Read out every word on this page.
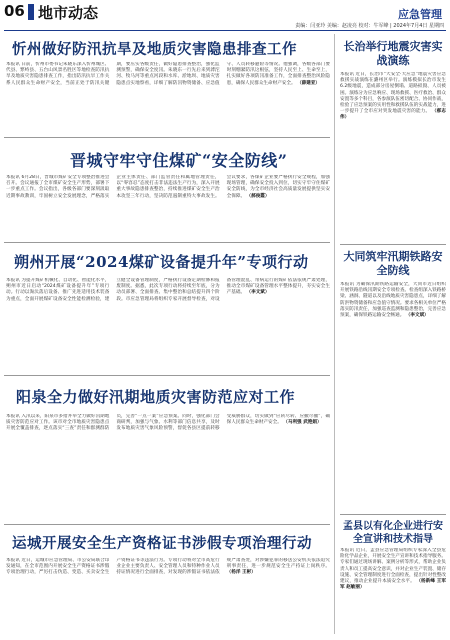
06 地市动态	应急管理
责编：闫亚玲 美编：赵凌亮 校对：牛军峰 | 2024年7月4日 星期四
忻州做好防汛抗旱及地质灾害隐患排查工作
本报讯 日前，忻州市委书记朱晓东深入忻州城区、代县、繁峙县、五台山风景名胜区等地检查防汛抗旱及地质灾害隐患排查工作，指出防汛抗旱工作关系人民群众生命财产安全，当前正处于防汛关键期，要压实各级责任，做好隐患排查整治，强化监测预警，确保安全度汛。朱晓东一行先后来到滹沱河、牧马河等重点河段和水库、淤地坝、地质灾害隐患点实地察看，详细了解防汛物资储备、应急值守、人员转移避险等情况。他强调，各级各部门要时刻绷紧防汛这根弦，坚持人民至上、生命至上，扎实做好各项防汛准备工作，全面排查整治风险隐患，确保人民群众生命财产安全。 （薛建亚）
晋城守牢守住煤矿“安全防线”
本报讯 6月28日，晋城市煤矿安全专项整治推进会召开。会议通报了全市煤矿安全生产形势，部署下一步重点工作。会议指出，各级各部门要深刻汲取近期事故教训，牢固树立安全发展理念，严格落实企业主体责任、部门监管责任和属地管理责任，以“零容忍”态度打击非法违法生产行为，深入开展重大事故隐患排查整治，持续推进煤矿安全生产治本攻坚三年行动，坚决防范遏制重特大事故发生。会议要求，各煤矿企业要严格执行安全规程，加强现场管理，确保安全投入到位，切实守牢守住煤矿安全防线，为全市经济社会高质量发展提供坚实安全保障。 （郝俊霞）
朔州开展“2024煤矿设备提升年”专项行动
本报讯 为提升煤矿机械化、自动化、智能化水平，朔州市近日启动“2024煤矿设备提升年”专项行动。行动以淘汰落后设备、推广先进适用技术装备为重点，全面开展煤矿设备安全性能检测检验，建立健全设备管理制度，严格执行设备定期检修和报废制度。据悉，此次专项行动将持续至年底，分为动员部署、全面排查、集中整治和总结提升四个阶段。市应急管理局将组织专家开展督导检查，对设备管理混乱、带病运行的煤矿依法依规严肃处理，推动全市煤矿设备管理水平整体提升，夯实安全生产基础。 （李文斌）
阳泉全力做好汛期地质灾害防范应对工作
本报讯 入汛以来，阳泉市多措并举全力做好汛期地质灾害防范应对工作。该市对全市地质灾害隐患点开展全覆盖排查，逐点落实“三查”责任和群测群防员，完善“一点一案”应急预案。同时，强化部门会商研判，加强与气象、水利等部门信息共享，及时发布地质灾害气象风险预警，督促各县区提前转移受威胁群众，切实做到“应转尽转、应撤尽撤”，确保人民群众生命财产安全。 （马利强 武艳娟）
运城开展安全生产资格证书涉假专项治理行动
本报讯 近日，运城市应急管理局、市公安局联合印发通知，在全市范围内开展安全生产资格证书涉假专项治理行动，严厉打击伪造、变造、买卖安全生产资格证书等违法行为。专项行动将对全市高危行业企业主要负责人、安全管理人员和特种作业人员持证情况进行全面排查，对发现的涉假证书依法依规严肃查处，对涉嫌犯罪的移送公安机关依法追究刑事责任，进一步规范安全生产持证上岗秩序。 （杨洋 王彬）
长治举行地震灾害实战演练
本报讯 近日，长治市“大安全·大应急”地震灾害应急救援实战演练在潞州区举行。演练模拟长治市发生6.2级地震，造成部分房屋倒塌、道路损毁、人员被困。演练分为应急响应、现场救援、医疗救治、群众安置等多个科目，各参演队伍密切配合、协同作战，检验了应急预案的实用性和救援队伍的实战能力，进一步提升了全市应对突发地震灾害的能力。 （郝志伟）
大同筑牢汛期铁路安全防线
本报讯 为确保汛期铁路运输安全，大同市近日组织开展铁路沿线汛期安全专项检查。检查组深入铁路桥梁、涵洞、隧道以及沿线地质灾害隐患点，详细了解防洪物资储备和应急值守情况。要求各相关单位严格落实防汛责任，加强巡查监测和隐患整治，完善应急预案，确保铁路运输安全畅通。 （李文斌）
孟县以有化企业进行安全宣讲和技术指导
本报讯 近日，孟县应急管理局组织专家深入全县危险化学品企业，开展安全生产宣讲和技术指导服务。专家们通过现场讲解、案例分析等形式，帮助企业负责人和员工提高安全意识，并对企业生产装置、储存设施、安全管理制度进行全面检查，提出针对性整改建议，推动企业提升本质安全水平。 （杨新峰 王军军 赵敏丽）
